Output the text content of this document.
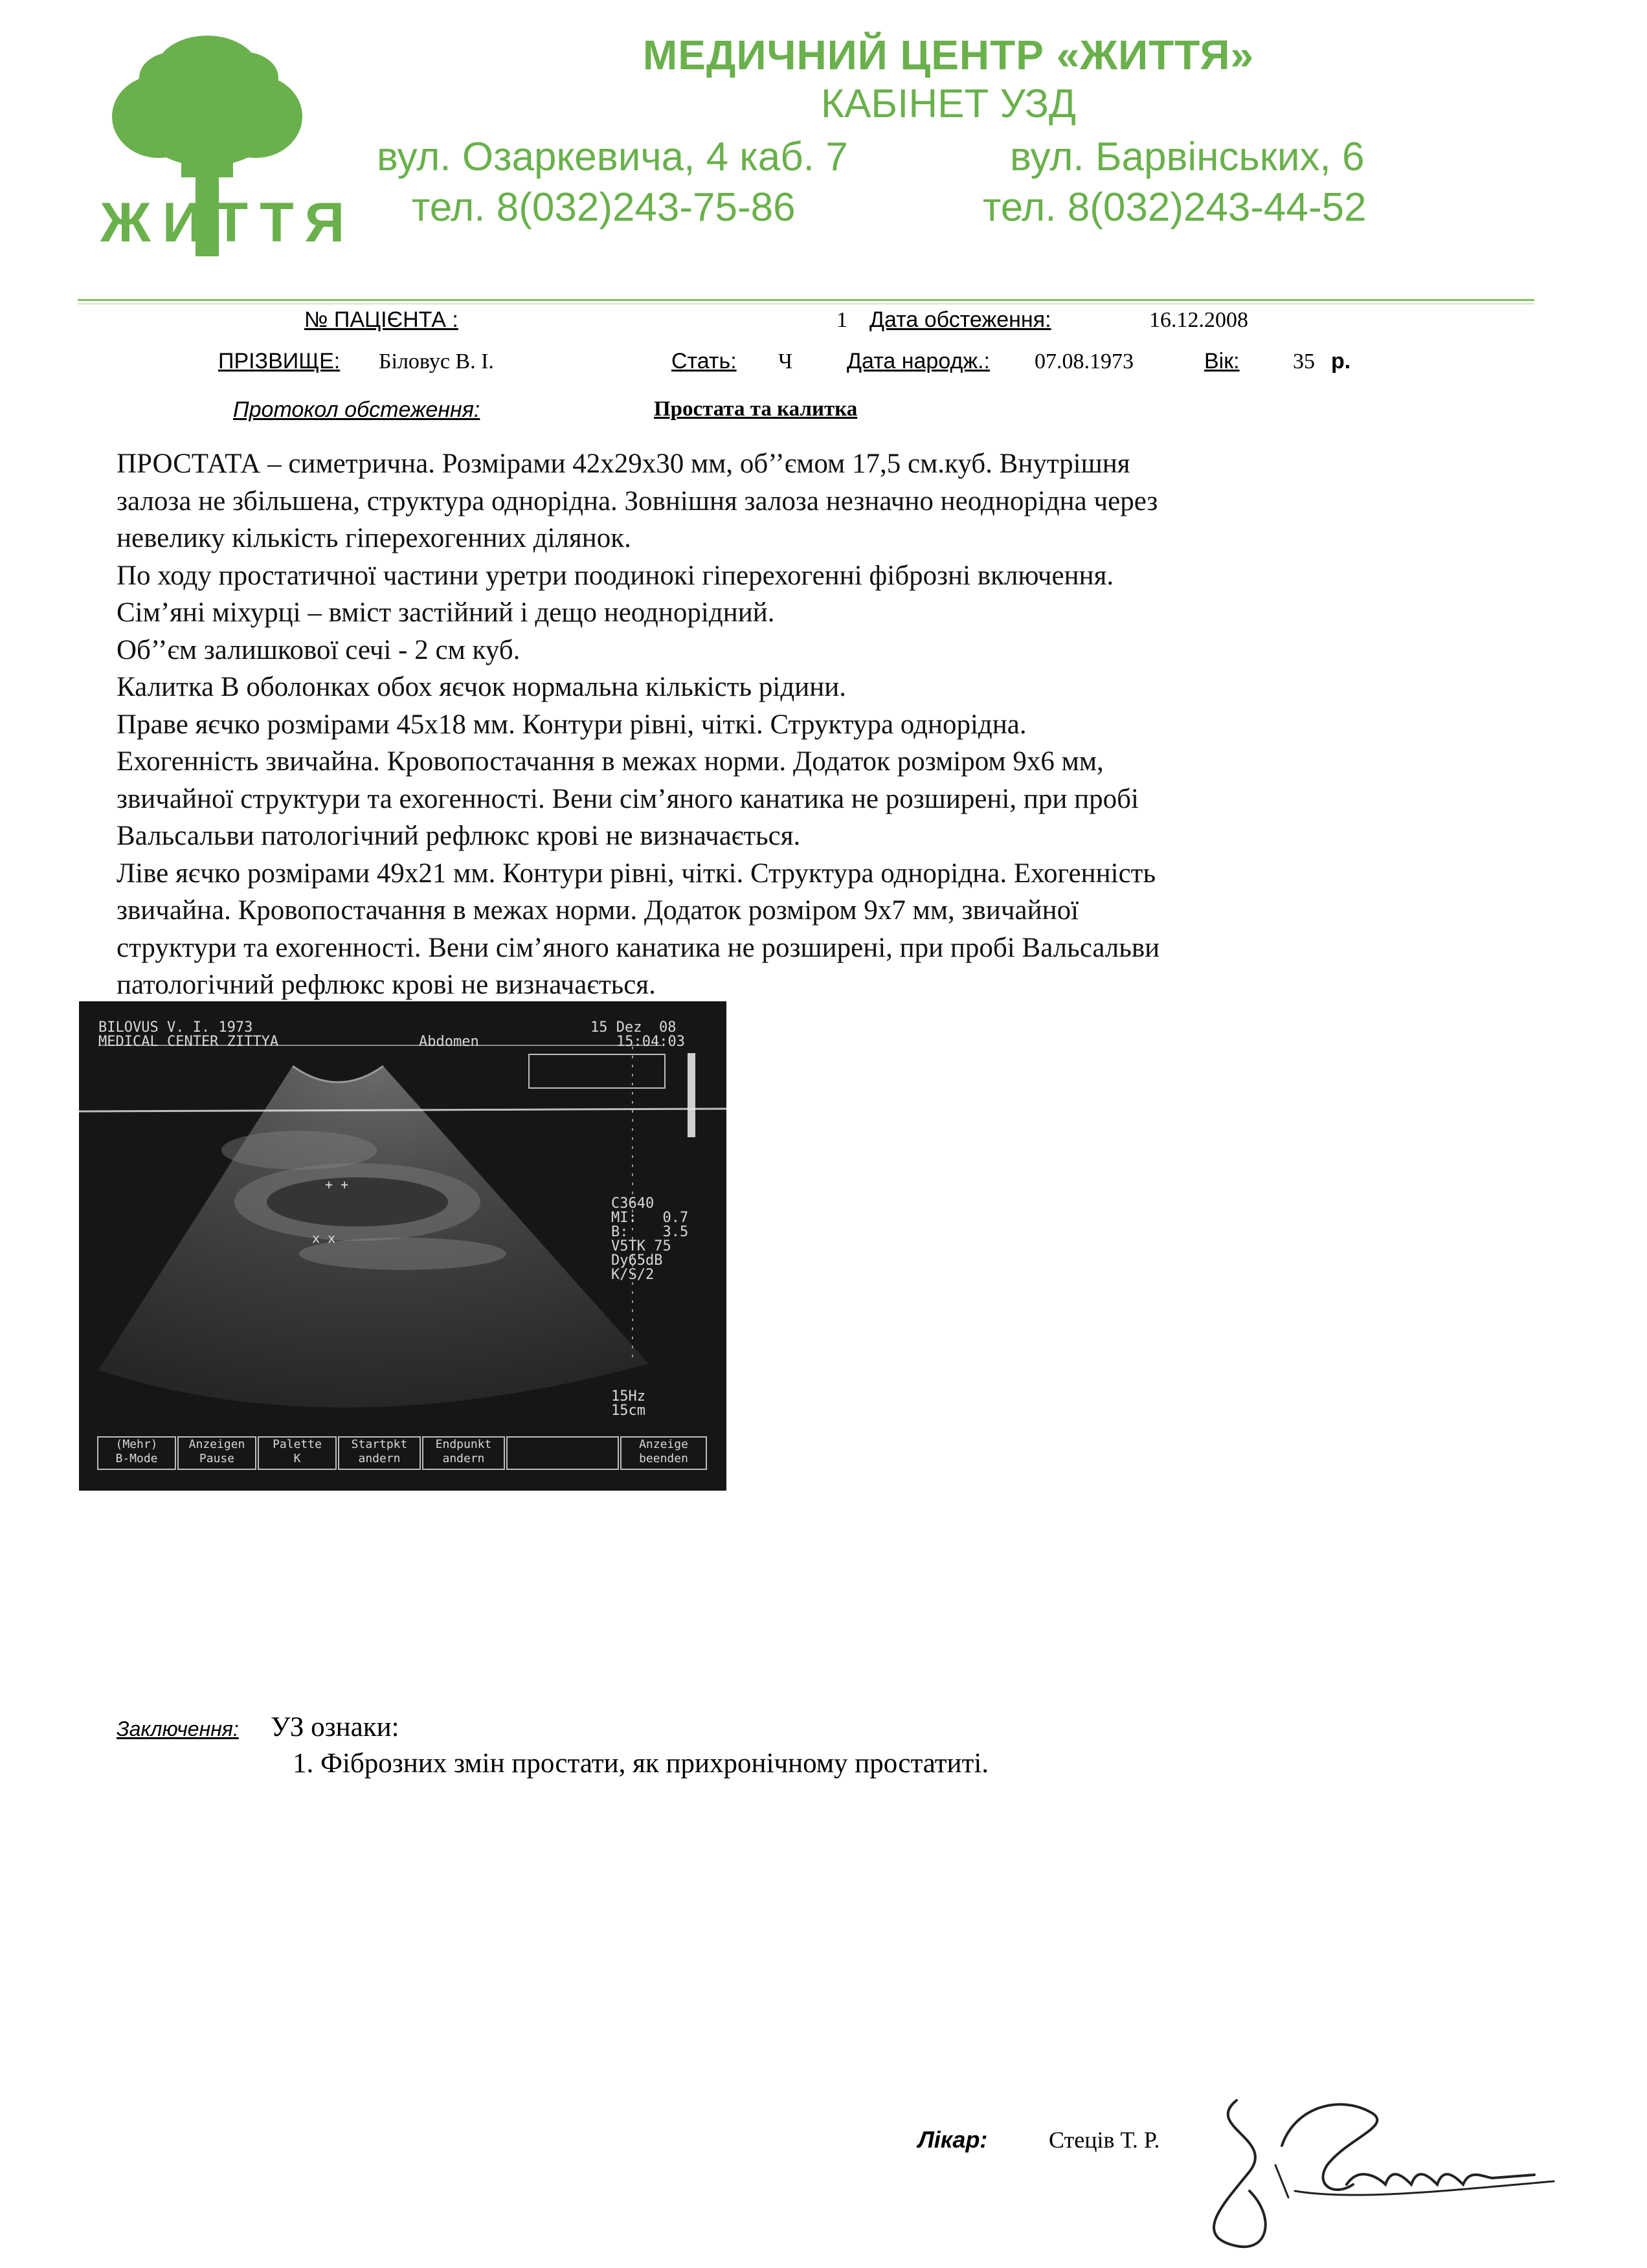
ЖИТТЯ
МЕДИЧНИЙ ЦЕНТР «ЖИТТЯ»
КАБІНЕТ УЗД
вул. Озаркевича, 4 каб. 7	вул. Барвінських, 6
тел. 8(032)243-75-86	тел. 8(032)243-44-52
№ ПАЦІЄНТА :	1 Дата обстеження:	16.12.2008
ПРІЗВИЩЕ: Біловус В. І.	Стать: Ч Дата народж.: 07.08.1973	Вік: 35 р.
Протокол обстеження:	Простата та калитка

ПРОСТАТА – симетрична. Розмірами 42х29х30 мм, об’’ємом 17,5 см.куб. Внутрішня

залоза не збільшена, структура однорідна. Зовнішня залоза незначно неоднорідна через

невелику кількість гіперехогенних ділянок.

По ходу простатичної частини уретри поодинокі гіперехогенні фіброзні включення.

Сім’яні міхурці – вміст застійний і дещо неоднорідний.

Об’’єм залишкової сечі - 2 см куб.

Калитка В оболонках обох яєчок нормальна кількість рідини.

Праве яєчко розмірами 45х18 мм. Контури рівні, чіткі. Структура однорідна.

Ехогенність звичайна. Кровопостачання в межах норми. Додаток розміром 9х6 мм,

звичайної структури та ехогенності. Вени сім’яного канатика не розширені, при пробі

Вальсальви патологічний рефлюкс крові не визначається.

Ліве яєчко розмірами 49х21 мм. Контури рівні, чіткі. Структура однорідна. Ехогенність

звичайна. Кровопостачання в межах норми. Додаток розміром 9х7 мм, звичайної

структури та ехогенності. Вени сім’яного канатика не розширені, при пробі Вальсальви

патологічний рефлюкс крові не визначається.

+ +
x x
BILOVUS V. I. 1973
MEDICAL CENTER ZITTYA	Abdomen
15 Dez  08
15:04:03
C3640
MI:   0.7
B:    3.5
V5TK 75
Dy65dB
K/S/2
15Hz
15cm
(Mehr)
B-Mode
Anzeigen
Pause
Palette
K
Startpkt
andern
Endpunkt
andern
Anzeige
beenden
Заключення: УЗ ознаки:
1. Фіброзних змін простати, як прихронічному простатиті.
Лікар:	Стеців Т. Р.
